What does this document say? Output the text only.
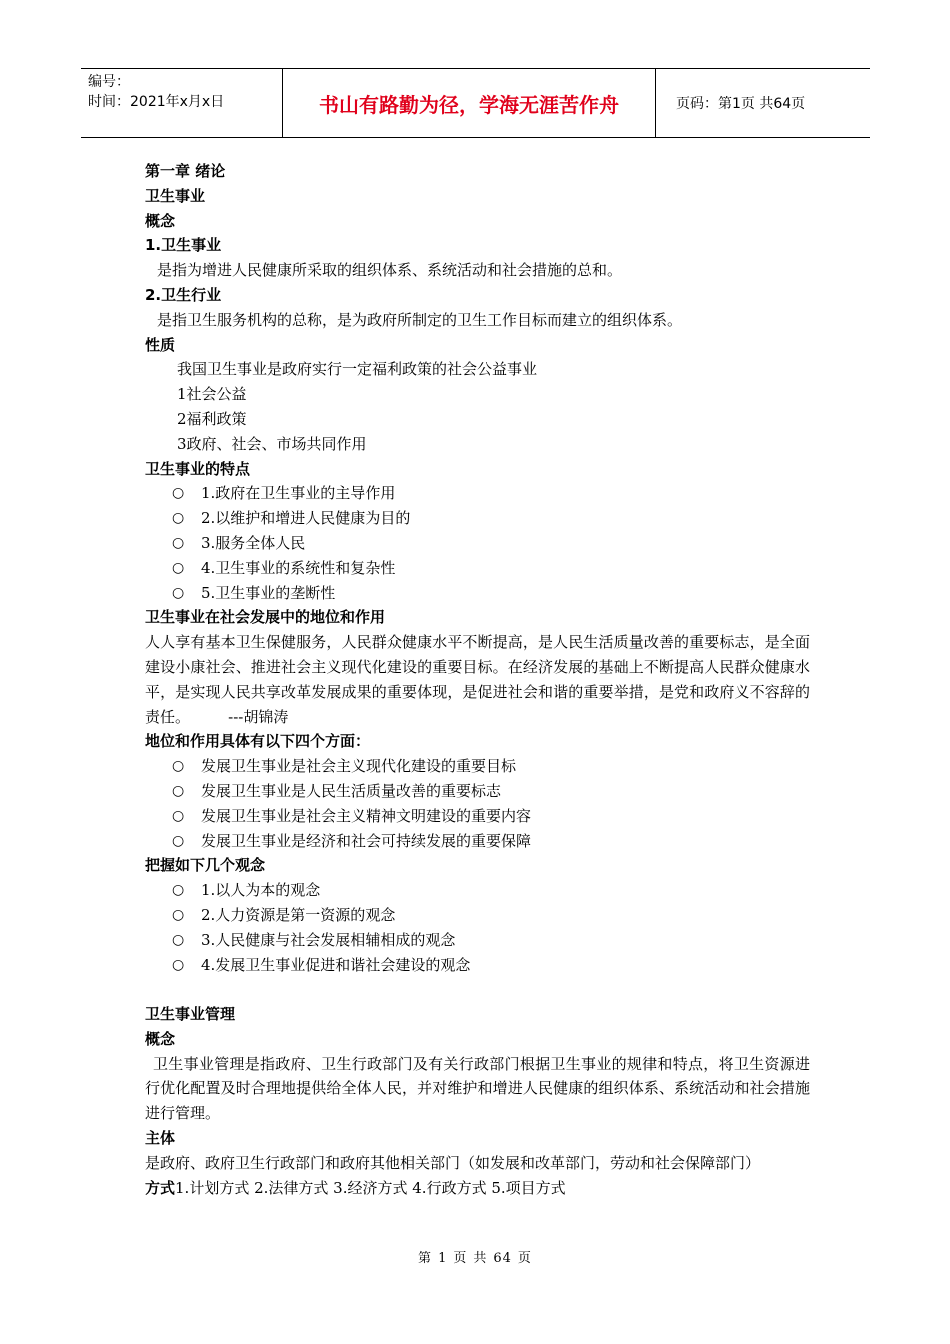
编号：
时间：2021年x月x日	书山有路勤为径，学海无涯苦作舟	页码：第1页 共64页
第一章 绪论
卫生事业
概念
1.卫生事业
是指为增进人民健康所采取的组织体系、系统活动和社会措施的总和。
2.卫生行业
是指卫生服务机构的总称，是为政府所制定的卫生工作目标而建立的组织体系。
性质
我国卫生事业是政府实行一定福利政策的社会公益事业
1社会公益
2福利政策
3政府、社会、市场共同作用
卫生事业的特点
○ 1.政府在卫生事业的主导作用
○ 2.以维护和增进人民健康为目的
○ 3.服务全体人民
○ 4.卫生事业的系统性和复杂性
○ 5.卫生事业的垄断性
卫生事业在社会发展中的地位和作用
人人享有基本卫生保健服务，人民群众健康水平不断提高，是人民生活质量改善的重要标志，是全面建设小康社会、推进社会主义现代化建设的重要目标。在经济发展的基础上不断提高人民群众健康水平，是实现人民共享改革发展成果的重要体现，是促进社会和谐的重要举措，是党和政府义不容辞的责任。        ---胡锦涛
地位和作用具体有以下四个方面：
○ 发展卫生事业是社会主义现代化建设的重要目标
○ 发展卫生事业是人民生活质量改善的重要标志
○ 发展卫生事业是社会主义精神文明建设的重要内容
○ 发展卫生事业是经济和社会可持续发展的重要保障
把握如下几个观念
○ 1.以人为本的观念
○ 2.人力资源是第一资源的观念
○ 3.人民健康与社会发展相辅相成的观念
○ 4.发展卫生事业促进和谐社会建设的观念
卫生事业管理
概念
卫生事业管理是指政府、卫生行政部门及有关行政部门根据卫生事业的规律和特点，将卫生资源进行优化配置及时合理地提供给全体人民，并对维护和增进人民健康的组织体系、系统活动和社会措施进行管理。
主体
是政府、政府卫生行政部门和政府其他相关部门（如发展和改革部门，劳动和社会保障部门）
方式1.计划方式 2.法律方式 3.经济方式 4.行政方式 5.项目方式
第 1 页 共 64 页
